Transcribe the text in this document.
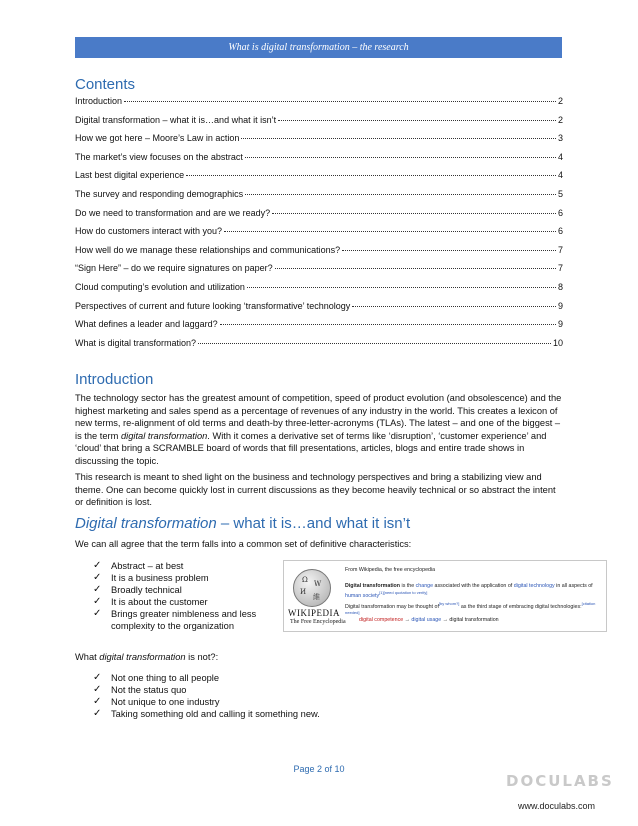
What is digital transformation – the research
Contents
Introduction	2
Digital transformation – what it is…and what it isn’t	2
How we got here – Moore’s Law in action	3
The market’s view focuses on the abstract	4
Last best digital experience	4
The survey and responding demographics	5
Do we need to transformation and are we ready?	6
How do customers interact with you?	6
How well do we manage these relationships and communications?	7
“Sign Here” – do we require signatures on paper?	7
Cloud computing’s evolution and utilization	8
Perspectives of current and future looking ‘transformative’ technology	9
What defines a leader and laggard?	9
What is digital transformation?	10
Introduction
The technology sector has the greatest amount of competition, speed of product evolution (and obsolescence) and the highest marketing and sales spend as a percentage of revenues of any industry in the world. This creates a lexicon of new terms, re-alignment of old terms and death-by three-letter-acronyms (TLAs). The latest – and one of the biggest – is the term digital transformation. With it comes a derivative set of terms like ‘disruption’, ‘customer experience’ and ‘cloud’ that bring a SCRAMBLE board of words that fill presentations, articles, blogs and entire trade shows in discussing the topic.
This research is meant to shed light on the business and technology perspectives and bring a stabilizing view and theme. One can become quickly lost in current discussions as they become heavily technical or so abstract the intent or definition is lost.
Digital transformation – what it is…and what it isn’t
We can all agree that the term falls into a common set of definitive characteristics:
✓ Abstract – at best
✓ It is a business problem
✓ Broadly technical
✓ It is about the customer
✓ Brings greater nimbleness and less complexity to the organization
What digital transformation is not?:
✓ Not one thing to all people
✓ Not the status quo
✓ Not unique to one industry
✓ Taking something old and calling it something new.
Ω W
И
維
WIKIPEDIA
The Free Encyclopedia
From Wikipedia, the free encyclopedia
Digital transformation is the change associated with the application of digital technology in all aspects of human society[1][need quotation to verify]
Digital transformation may be thought of[by whom?] as the third stage of embracing digital technologies:[citation needed]
digital competence → digital usage → digital transformation
Page 2 of 10
DOCULABS
www.doculabs.com
